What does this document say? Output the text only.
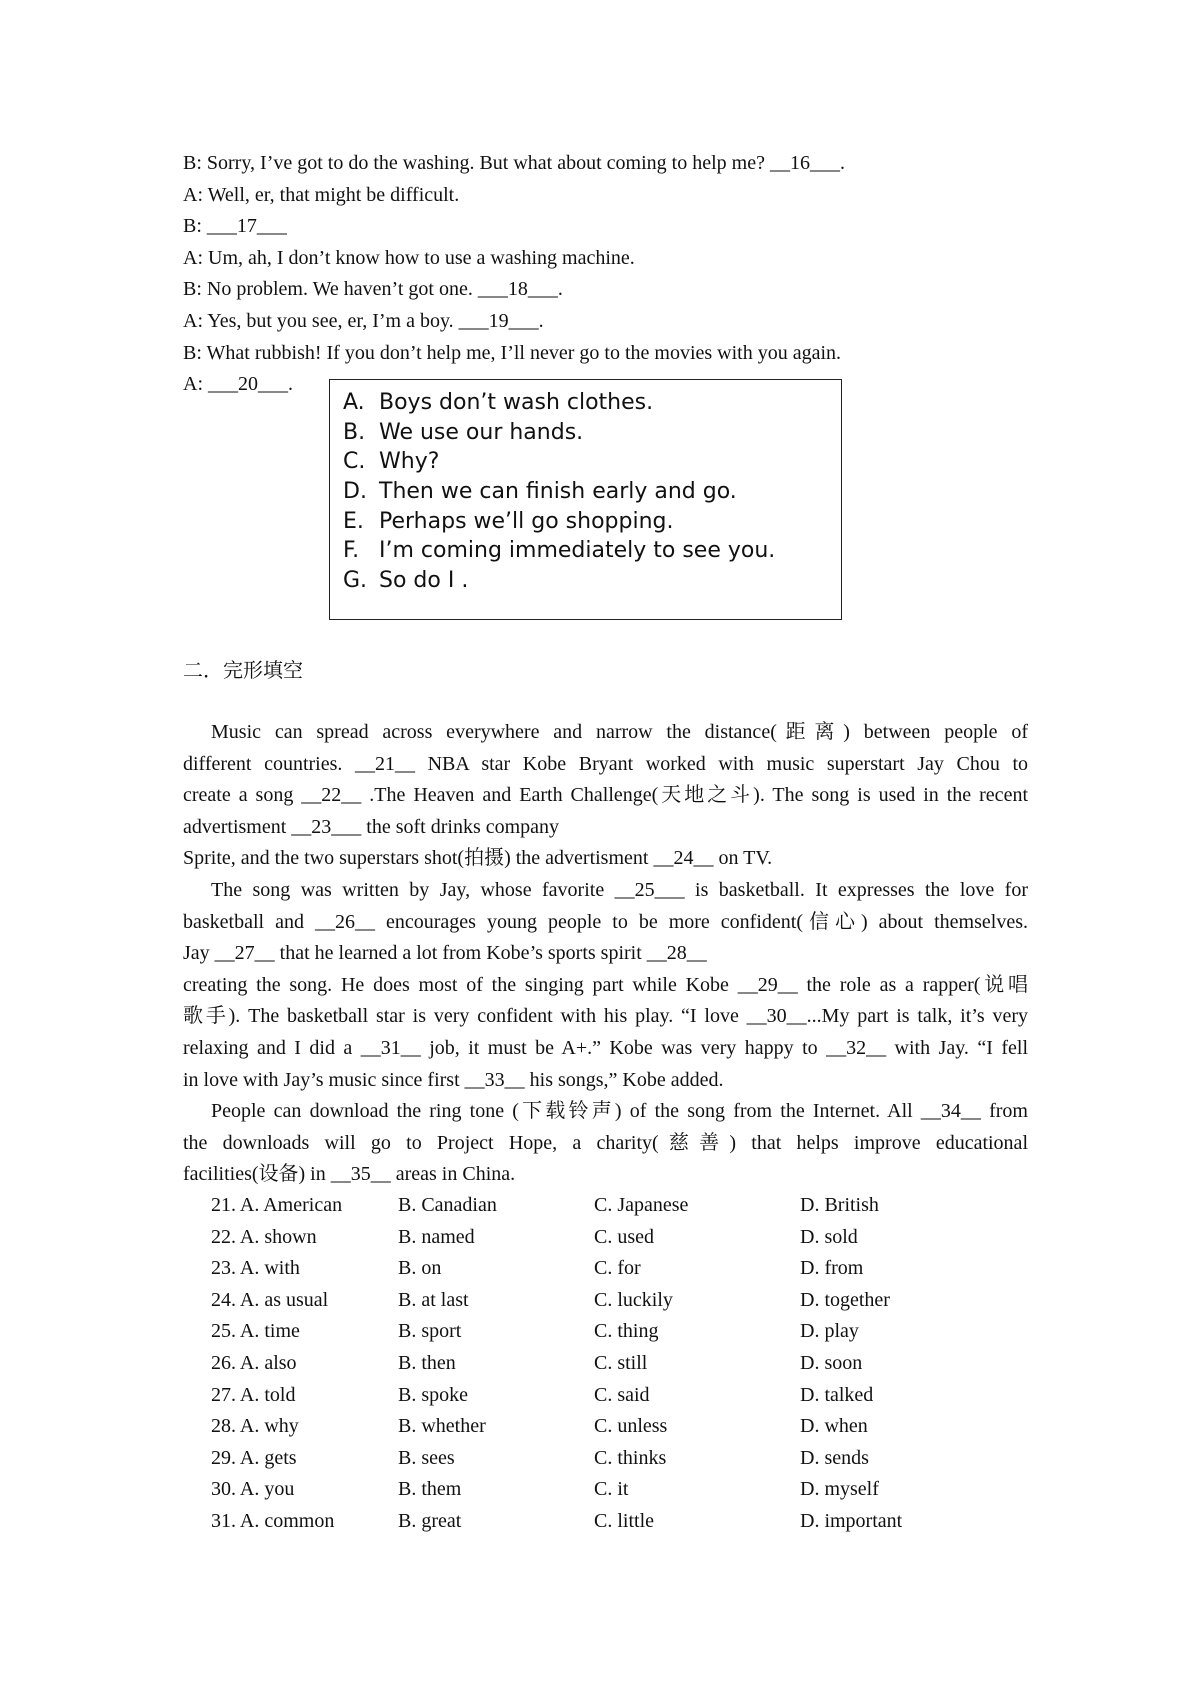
B: Sorry, I’ve got to do the washing. But what about coming to help me? __16___.
A: Well, er, that might be difficult.
B: ___17___
A: Um, ah, I don’t know how to use a washing machine.
B: No problem. We haven’t got one. ___18___.
A: Yes, but you see, er, I’m a boy. ___19___.
B: What rubbish! If you don’t help me, I’ll never go to the movies with you again.
A: ___20___.
A. Boys don’t wash clothes.
B. We use our hands.
C. Why?
D. Then we can finish early and go.
E. Perhaps we’ll go shopping.
F. I’m coming immediately to see you.
G. So do I .
二．完形填空
Music can spread across everywhere and narrow the distance(距离) between people of
different countries. __21__ NBA star Kobe Bryant worked with music superstart Jay Chou to
create a song __22__ .The Heaven and Earth Challenge(天地之斗). The song is used in the recent
advertisment __23___ the soft drinks company
Sprite, and the two superstars shot(拍摄) the advertisment __24__ on TV.
The song was written by Jay, whose favorite __25___ is basketball. It expresses the love for
basketball and __26__ encourages young people to be more confident(信心) about themselves.
Jay __27__ that he learned a lot from Kobe’s sports spirit __28__
creating the song. He does most of the singing part while Kobe __29__ the role as a rapper(说唱
歌手). The basketball star is very confident with his play. “I love __30__...My part is talk, it’s very
relaxing and I did a __31__ job, it must be A+.” Kobe was very happy to __32__ with Jay. “I fell
in love with Jay’s music since first __33__ his songs,” Kobe added.
People can download the ring tone (下载铃声) of the song from the Internet. All __34__ from
the downloads will go to Project Hope, a charity(慈善) that helps improve educational
facilities(设备) in __35__ areas in China.
21. A. American	B. Canadian	C. Japanese	D. British
22. A. shown	B. named	C. used	D. sold
23. A. with	B. on	C. for	D. from
24. A. as usual	B. at last	C. luckily	D. together
25. A. time	B. sport	C. thing	D. play
26. A. also	B. then	C. still	D. soon
27. A. told	B. spoke	C. said	D. talked
28. A. why	B. whether	C. unless	D. when
29. A. gets	B. sees	C. thinks	D. sends
30. A. you	B. them	C. it	D. myself
31. A. common	B. great	C. little	D. important
